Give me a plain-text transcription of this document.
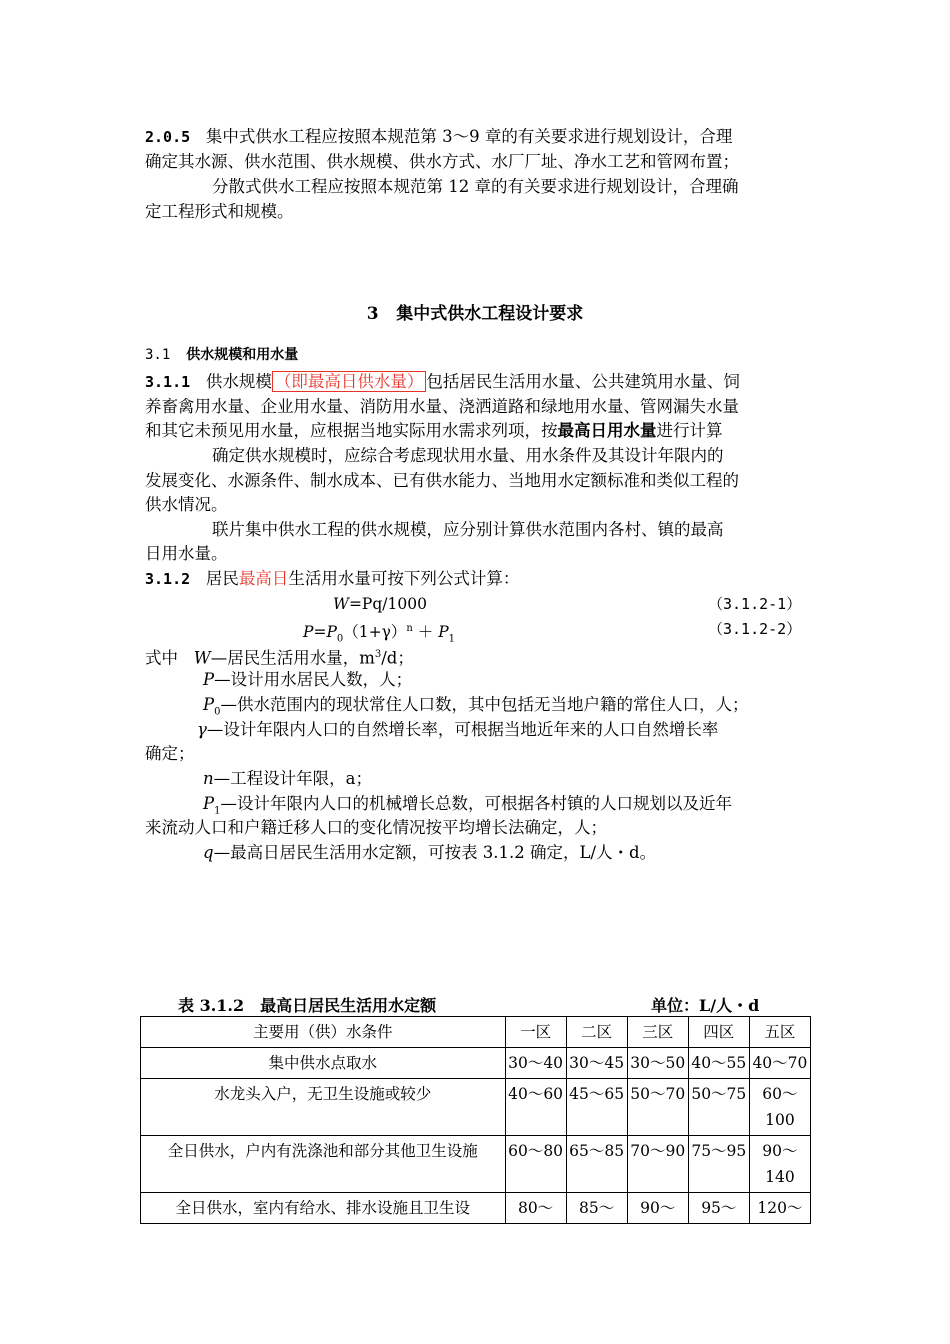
2.0.5 集中式供水工程应按照本规范第 3～9 章的有关要求进行规划设计，合理
确定其水源、供水范围、供水规模、供水方式、水厂厂址、净水工艺和管网布置；
分散式供水工程应按照本规范第 12 章的有关要求进行规划设计，合理确
定工程形式和规模。
3 集中式供水工程设计要求
3.1 供水规模和用水量
3.1.1 供水规模 （即最高日供水量） 包括居民生活用水量、公共建筑用水量、饲
养畜禽用水量、企业用水量、消防用水量、浇洒道路和绿地用水量、管网漏失水量
和其它未预见用水量，应根据当地实际用水需求列项，按最高日用水量进行计算
确定供水规模时，应综合考虑现状用水量、用水条件及其设计年限内的
发展变化、水源条件、制水成本、已有供水能力、当地用水定额标准和类似工程的
供水情况。
联片集中供水工程的供水规模，应分别计算供水范围内各村、镇的最高
日用水量。
3.1.2 居民最高日生活用水量可按下列公式计算：
W=Pq/1000	（3.1.2-1）
$P=P_0(1+\gamma)^n + P_1$
（3.1.2-2）
式中 W—居民生活用水量，$m^3/d$；
P—设计用水居民人数，人；
$P_0—$供水范围内的现状常住人口数，其中包括无当地户籍的常住人口，人；
γ—设计年限内人口的自然增长率，可根据当地近年来的人口自然增长率
确定；
n—工程设计年限，a；
$P_1—$设计年限内人口的机械增长总数，可根据各村镇的人口规划以及近年
来流动人口和户籍迁移人口的变化情况按平均增长法确定，人；
q—最高日居民生活用水定额，可按表 3.1.2 确定，L/人・d。
表 3.1.2　最高日居民生活用水定额	单位：L/人・d
主要用（供）水条件	一区	二区	三区	四区	五区
集中供水点取水	30～40	30～45	30～50	40～55	40～70
水龙头入户，无卫生设施或较少	40～60	45～65	50～70	50～75	60～100
全日供水，户内有洗涤池和部分其他卫生设施	60～80	65～85	70～90	75～95	90～140
全日供水，室内有给水、排水设施且卫生设	80～	85～	90～	95～	120～
